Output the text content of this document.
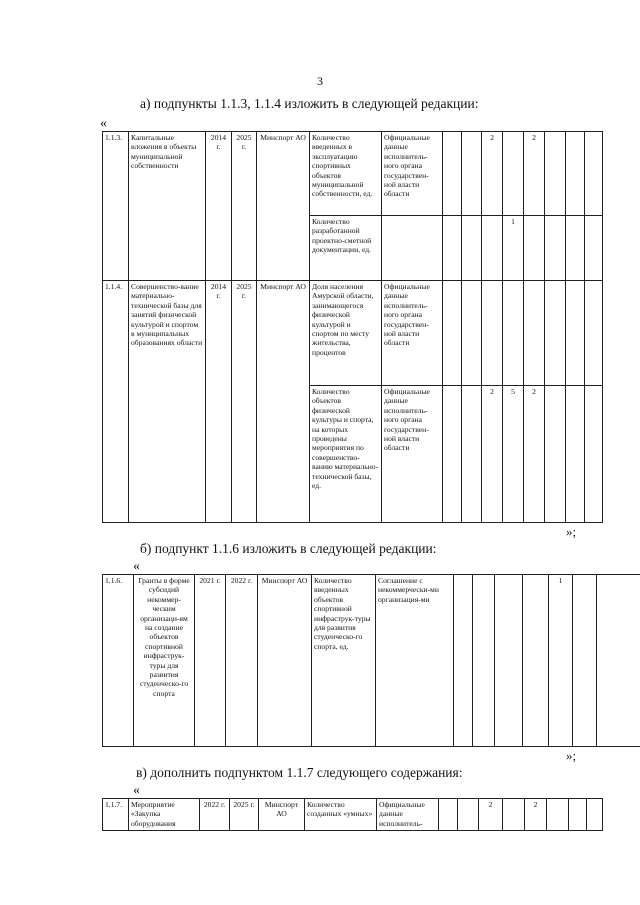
3
а) подпункты 1.1.3, 1.1.4 изложить в следующей редакции:
«
1.1.3.	Капитальные вложения в объекты муниципальной собственности	2014 г.	2025 г.	Минспорт АО	Количество введенных в эксплуатацию спортивных объектов муниципальной собственности, ед.	Официальные данные исполнитель-ного органа государствен-ной власти области			2		2			
					Количество разработанной проектно-сметной документации, ед.					1				
1.1.4.	Совершенство-вание материально-технической базы для занятий физической культурой и спортом в муниципальных образованиях области	2014 г.	2025 г.	Минспорт АО	Доля населения Амурской области, занимающегося физической культурой и спортом по месту жительства, процентов	Официальные данные исполнитель-ного органа государствен-ной власти области								
					Количество объектов физической культуры и спорта, на которых проведены мероприятия по совершенство-ванию материально-технической базы, ед.	Официальные данные исполнитель-ного органа государствен-ной власти области			2	5	2			
»;
б) подпункт 1.1.6 изложить в следующей редакции:
«
1.1.6.	Гранты в форме субсидий некоммер-ческим организаци-ям на создание объектов спортивной инфраструк-туры для развития студенческо-го спорта	2021 г.	2022 г.	Минспорт АО	Количество введенных объектов спортивной инфраструк-туры для развития студенческо-го спорта, ед.	Соглашение с некоммерчески-ми организация-ми					1		
»;
в) дополнить подпунктом 1.1.7 следующего содержания:
«
1.1.7.	Мероприятие «Закупка оборудования	2022 г.	2025 г.	Минспорт АО	Количество созданных «умных»	Официальные данные исполнитель-			2		2			
